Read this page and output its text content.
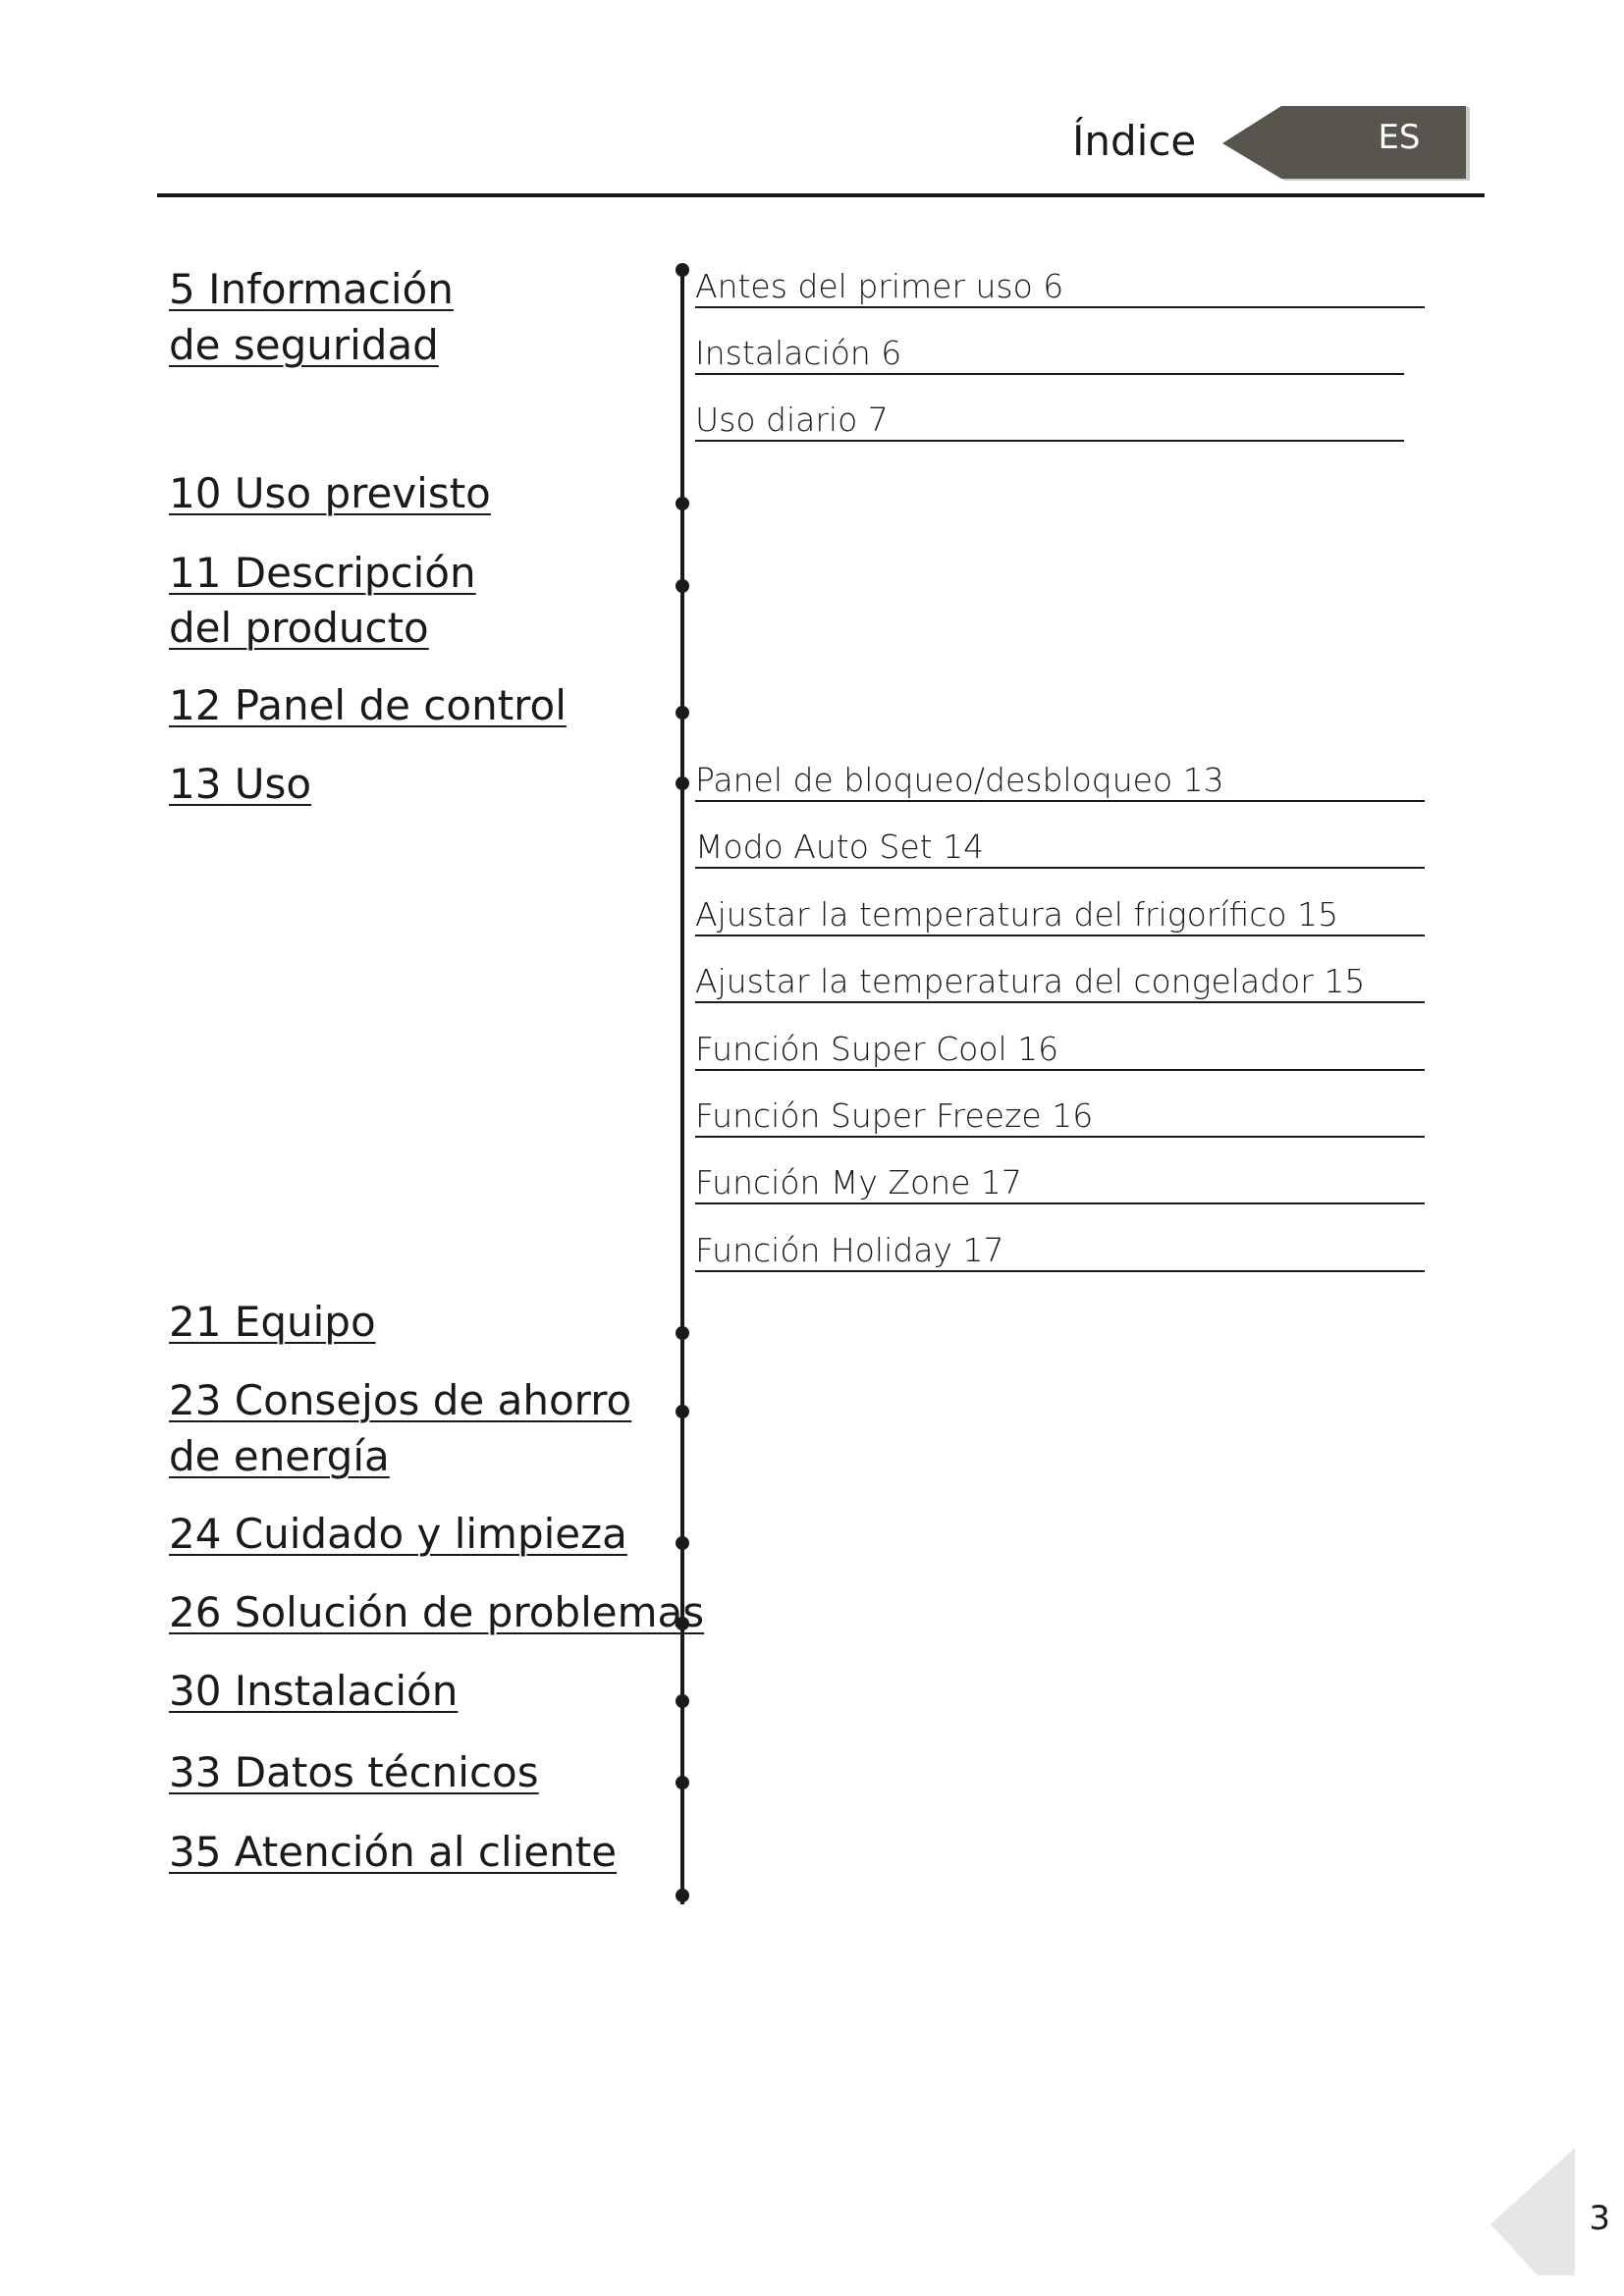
Índice	ES
5 Información
de seguridad
10 Uso previsto
11 Descripción
del producto
12 Panel de control
13 Uso
21 Equipo
23 Consejos de ahorro
de energía
24 Cuidado y limpieza
26 Solución de problemas
30 Instalación
33 Datos técnicos
35 Atención al cliente
Antes del primer uso 6
Instalación 6
Uso diario 7
Panel de bloqueo/desbloqueo 13
Modo Auto Set 14
Ajustar la temperatura del frigorífico 15
Ajustar la temperatura del congelador 15
Función Super Cool 16
Función Super Freeze 16
Función My Zone 17
Función Holiday 17
3
